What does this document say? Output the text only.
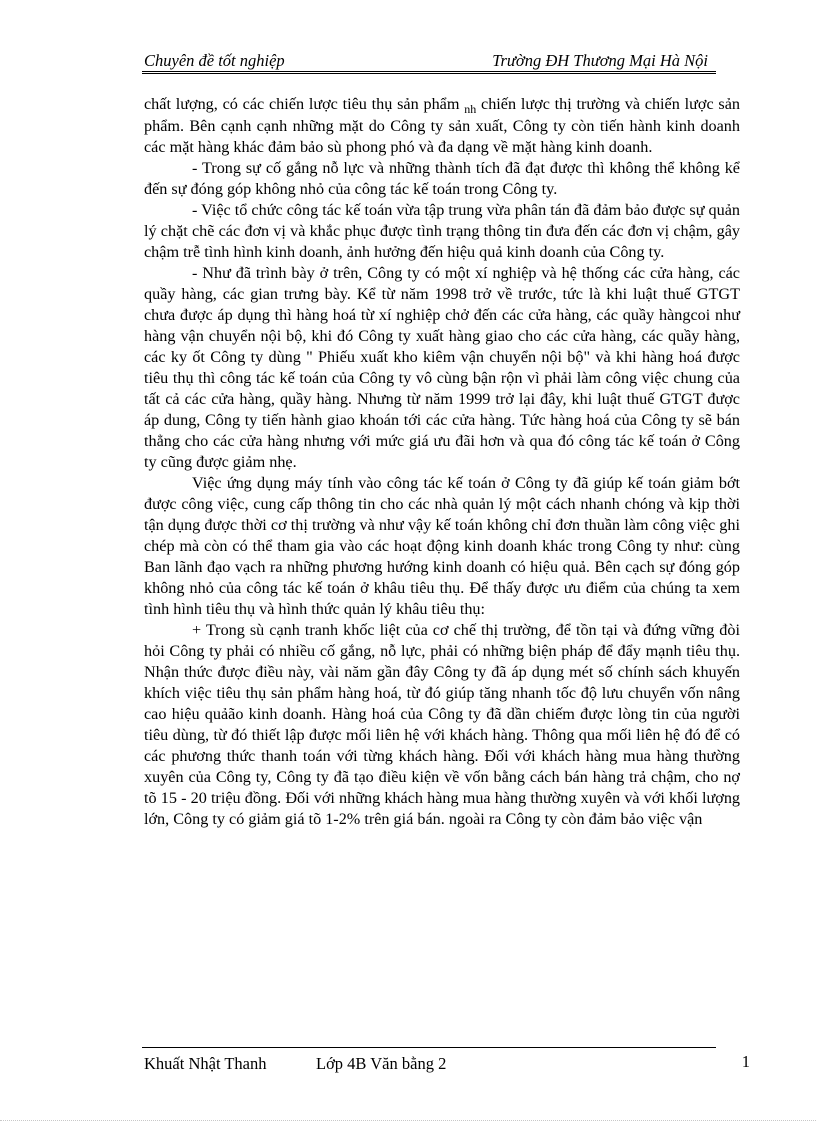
Chuyên đề tốt nghiệp	Trường ĐH Thương Mại Hà Nội

chất lượng, có các chiến lược tiêu thụ sản phẩm $_{nh}$ chiến lược thị trường và chiến lược sản phẩm. Bên cạnh cạnh những mặt do Công ty sản xuất, Công ty còn tiến hành kinh doanh các mặt hàng khác đảm bảo sù phong phó và đa dạng về mặt hàng kinh doanh.

- Trong sự cố gắng nỗ lực và những thành tích đã đạt được thì không thể không kể đến sự đóng góp không nhỏ của công tác kế toán trong Công ty.

- Việc tổ chức công tác kế toán vừa tập trung vừa phân tán đã đảm bảo được sự quản lý chặt chẽ các đơn vị và khắc phục được tình trạng thông tin đưa đến các đơn vị chậm, gây chậm trễ tình hình kinh doanh, ảnh hưởng đến hiệu quả kinh doanh của Công ty.

- Như đã trình bày ở trên, Công ty có một xí nghiệp và hệ thống các cửa hàng, các quầy hàng, các gian trưng bày. Kể từ năm 1998 trở về trước, tức là khi luật thuế GTGT chưa được áp dụng thì hàng hoá từ xí nghiệp chở đến các cửa hàng, các quầy hàngcoi như hàng vận chuyển nội bộ, khi đó Công ty xuất hàng giao cho các cửa hàng, các quầy hàng, các ky ốt Công ty dùng " Phiếu xuất kho kiêm vận chuyển nội bộ" và khi hàng hoá được tiêu thụ thì công tác kế toán của Công ty vô cùng bận rộn vì phải làm công việc chung của tất cả các cửa hàng, quầy hàng. Nhưng từ năm 1999 trở lại đây, khi luật thuế GTGT được áp dung, Công ty tiến hành giao khoán tới các cửa hàng. Tức hàng hoá của Công ty sẽ bán thẳng cho các cửa hàng nhưng với mức giá ưu đãi hơn và qua đó công tác kế toán ở Công ty cũng được giảm nhẹ.

Việc ứng dụng máy tính vào công tác kế toán ở Công ty đã giúp kế toán giảm bớt được công việc, cung cấp thông tin cho các nhà quản lý một cách nhanh chóng và kịp thời tận dụng được thời cơ thị trường và như vậy kế toán không chỉ đơn thuần làm công việc ghi chép mà còn có thể tham gia vào các hoạt động kinh doanh khác trong Công ty như: cùng Ban lãnh đạo vạch ra những phương hướng kinh doanh có hiệu quả. Bên cạch sự đóng góp không nhỏ của công tác kế toán ở khâu tiêu thụ. Để thấy được ưu điểm của chúng ta xem tình hình tiêu thụ và hình thức quản lý khâu tiêu thụ:

+ Trong sù cạnh tranh khốc liệt của cơ chế thị trường, để tồn tại và đứng vững đòi hỏi Công ty phải có nhiều cố gắng, nỗ lực, phải có những biện pháp để đẩy mạnh tiêu thụ. Nhận thức được điều này, vài năm gần đây Công ty đã áp dụng mét số chính sách khuyến khích việc tiêu thụ sản phẩm hàng hoá, từ đó giúp tăng nhanh tốc độ lưu chuyển vốn nâng cao hiệu quảão kinh doanh. Hàng hoá của Công ty đã dần chiếm được lòng tin của người tiêu dùng, từ đó thiết lập được mối liên hệ với khách hàng. Thông qua mối liên hệ đó để có các phương thức thanh toán với từng khách hàng. Đối với khách hàng mua hàng thường xuyên của Công ty, Công ty đã tạo điều kiện về vốn bằng cách bán hàng trả chậm, cho nợ tõ 15 - 20 triệu đồng. Đối với những khách hàng mua hàng thường xuyên và với khối lượng lớn, Công ty có giảm giá tõ 1-2% trên giá bán. ngoài ra Công ty còn đảm bảo việc vận

Khuất Nhật Thanh	Lớp 4B Văn bằng 2	1
